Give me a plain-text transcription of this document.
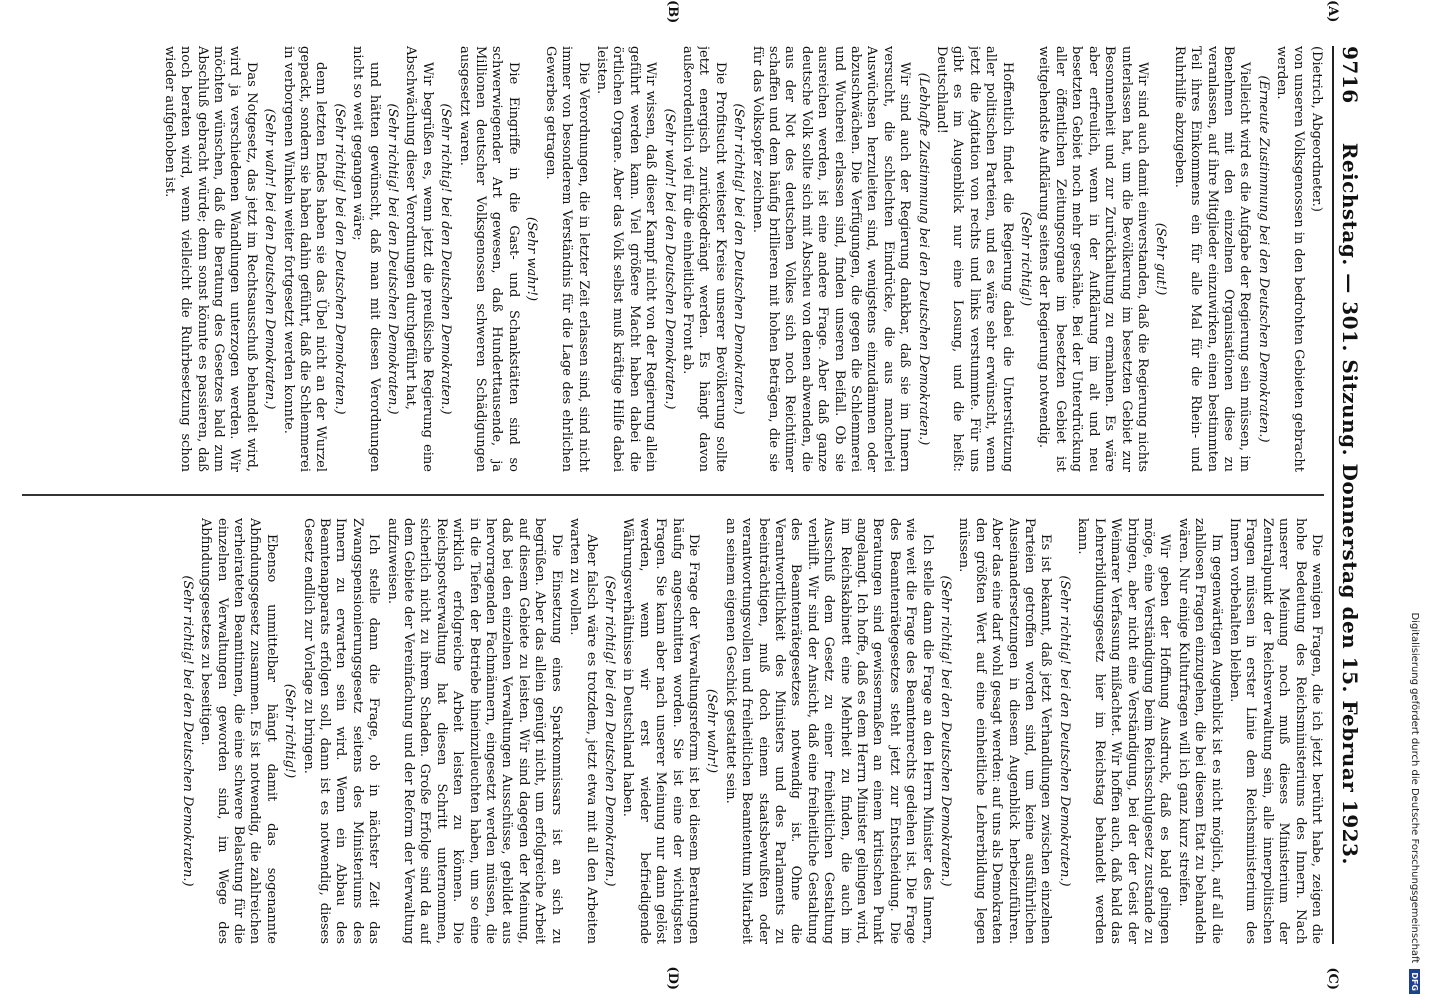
9716
Reichstag. — 301. Sitzung. Donnerstag den 15. Februar 1923.

(Dietrich, Abgeordneter.)

von unseren Volksgenossen in den bedrohten Gebieten gebracht werden.

(Erneute Zustimmung bei den Deutschen Demokraten.)

Vielleicht wird es die Aufgabe der Regierung sein müssen, im Benehmen mit den einzelnen Organisationen diese zu veranlassen, auf ihre Mitglieder einzuwirken, einen bestimmten Teil ihres Einkommens ein für alle Mal für die Rhein- und Ruhrhilfe abzugeben.

(Sehr gut!)

Wir sind auch damit einverstanden, daß die Regierung nichts unterlassen hat, um die Bevölkerung im besetzten Gebiet zur Besonnenheit und zur Zurückhaltung zu ermahnen. Es wäre aber erfreulich, wenn in der Aufklärung im alt und neu besetzten Gebiet noch mehr geschähe. Bei der Unterdrückung aller öffentlichen Zeitungsorgane im besetzten Gebiet ist weitgehendste Aufklärung seitens der Regierung notwendig.

(Sehr richtig!)

Hoffentlich findet die Regierung dabei die Unterstützung aller politischen Parteien, und es wäre sehr erwünscht, wenn jetzt die Agitation von rechts und links verstummte. Für uns gibt es im Augenblick nur eine Losung, und die heißt: Deutschland!

(Lebhafte Zustimmung bei den Deutschen Demokraten.)

Wir sind auch der Regierung dankbar, daß sie im Innern versucht, die schlechten Eindrücke, die aus mancherlei Auswüchsen herzuleiten sind, wenigstens einzudämmen oder abzuschwächen. Die Verfügungen, die gegen die Schlemmerei und Wucherei erlassen sind, finden unseren Beifall. Ob sie ausreichen werden, ist eine andere Frage. Aber daß ganze deutsche Volk sollte sich mit Abscheu von denen abwenden, die aus der Not des deutschen Volkes sich noch Reichtümer schaffen und dem häufig brillieren mit hohen Beträgen, die sie für das Volksopfer zeichnen.

(Sehr richtig! bei den Deutschen Demokraten.)

Die Profitsucht weitester Kreise unserer Bevölkerung sollte jetzt energisch zurückgedrängt werden. Es hängt davon außerordentlich viel für die einheitliche Front ab.

(Sehr wahr! bei den Deutschen Demokraten.)

Wir wissen, daß dieser Kampf nicht von der Regierung allein geführt werden kann. Viel größere Macht haben dabei die örtlichen Organe. Aber das Volk selbst muß kräftige Hilfe dabei leisten.

Die Verordnungen, die in letzter Zeit erlassen sind, sind nicht immer von besonderem Verständnis für die Lage des ehrlichen Gewerbes getragen.

(Sehr wahr!)

Die Eingriffe in die Gast- und Schankstätten sind so schwerwiegender Art gewesen, daß Hunderttausende, ja Millionen deutscher Volksgenossen schweren Schädigungen ausgesetzt waren.

(Sehr richtig! bei den Deutschen Demokraten.)

Wir begrüßen es, wenn jetzt die preußische Regierung eine Abschwächung dieser Verordnungen durchgeführt hat,

(Sehr richtig! bei den Deutschen Demokraten.)

und hätten gewünscht, daß man mit diesen Verordnungen nicht so weit gegangen wäre;

(Sehr richtig! bei den Deutschen Demokraten.)

denn letzten Endes haben sie das Übel nicht an der Wurzel gepackt, sondern sie haben dahin geführt, daß die Schlemmerei in verborgenen Winkeln weiter fortgesetzt werden konnte.

(Sehr wahr! bei den Deutschen Demokraten.)

Das Notgesetz, das jetzt im Rechtsausschuß behandelt wird, wird ja verschiedenen Wandlungen unterzogen werden. Wir möchten wünschen, daß die Beratung des Gesetzes bald zum Abschluß gebracht würde; denn sonst könnte es passieren, daß noch beraten wird, wenn vielleicht die Ruhrbesetzung schon wieder aufgehoben ist.

Die wenigen Fragen, die ich jetzt berührt habe, zeigen die hohe Bedeutung des Reichsministeriums des Innern. Nach unserer Meinung noch muß dieses Ministerium der Zentralpunkt der Reichsverwaltung sein, alle innerpolitischen Fragen müssen in erster Linie dem Reichsministerium des Innern vorbehalten bleiben.

Im gegenwärtigen Augenblick ist es nicht möglich, auf all die zahllosen Fragen einzugehen, die bei diesem Etat zu behandeln wären. Nur einige Kulturfragen will ich ganz kurz streifen.

Wir geben der Hoffnung Ausdruck, daß es bald gelingen möge, eine Verständigung beim Reichsschulgesetz zustande zu bringen, aber nicht eine Verständigung, bei der der Geist der Weimarer Verfassung mißachtet. Wir hoffen auch, daß bald das Lehrerbildungsgesetz hier im Reichstag behandelt werden kann.

(Sehr richtig! bei den Deutschen Demokraten.)

Es ist bekannt, daß jetzt Verhandlungen zwischen einzelnen Parteien getroffen worden sind, um keine ausführlichen Auseinandersetzungen in diesem Augenblick herbeizuführen. Aber das eine darf wohl gesagt werden: auf uns als Demokraten den größten Wert auf eine einheitliche Lehrerbildung legen müssen.

(Sehr richtig! bei den Deutschen Demokraten.)

Ich stelle dann die Frage an den Herrn Minister des Innern, wie weit die Frage des Beamtenrechts gediehen ist. Die Frage des Beamtenrätegesetzes steht jetzt zur Entscheidung. Die Beratungen sind gewissermaßen an einem kritischen Punkt angelangt. Ich hoffe, daß es dem Herrn Minister gelingen wird, im Reichskabinett eine Mehrheit zu finden, die auch im Ausschuß dem Gesetz zu einer freiheitlichen Gestaltung verhilft. Wir sind der Ansicht, daß eine freiheitliche Gestaltung des Beamtenrätegesetzes notwendig ist. Ohne die Verantwortlichkeit des Ministers und des Parlaments zu beeinträchtigen, muß doch einem staatsbewußten oder verantwortungsvollen und freiheitlichen Beamtentum Mitarbeit an seinem eigenen Geschick gestattet sein.

(Sehr wahr!)

Die Frage der Verwaltungsreform ist bei diesem Beratungen häufig angeschnitten worden. Sie ist eine der wichtigsten Fragen. Sie kann aber nach unserer Meinung nur dann gelöst werden, wenn wir erst wieder befriedigende Währungsverhältnisse in Deutschland haben.

(Sehr richtig! bei den Deutschen Demokraten.)

Aber falsch wäre es trotzdem, jetzt etwa mit all den Arbeiten warten zu wollen.

Die Einsetzung eines Sparkommissars ist an sich zu begrüßen. Aber das allein genügt nicht, um erfolgreiche Arbeit auf diesem Gebiete zu leisten. Wir sind dagegen der Meinung, daß bei den einzelnen Verwaltungen Ausschüsse, gebildet aus hervorragenden Fachmännern, eingesetzt werden müssen, die in die Tiefen der Betriebe hineinzuleuchten haben, um so eine wirklich erfolgreiche Arbeit leisten zu können. Die Reichspostverwaltung hat diesen Schritt unternommen, sicherlich nicht zu ihrem Schaden. Große Erfolge sind da auf dem Gebiete der Vereinfachung und der Reform der Verwaltung aufzuweisen.

Ich stelle dann die Frage, ob in nächster Zeit das Zwangspensionierungsgesetz seitens des Ministeriums des Innern zu erwarten sein wird. Wenn ein Abbau des Beamtenapparats erfolgen soll, dann ist es notwendig, dieses Gesetz endlich zur Vorlage zu bringen.

(Sehr richtig!)

Ebenso unmittelbar hängt damit das sogenannte Abfindungsgesetz zusammen. Es ist notwendig, die zahlreichen verheirateten Beamtinnen, die eine schwere Belastung für die einzelnen Verwaltungen geworden sind, im Wege des Abfindungsgesetzes zu beseitigen.

(Sehr richtig! bei den Deutschen Demokraten.)

(A)
(B)
(C)
(D)
Digitalisierung gefördert durch die Deutsche Forschungsgemeinschaft
DFG
